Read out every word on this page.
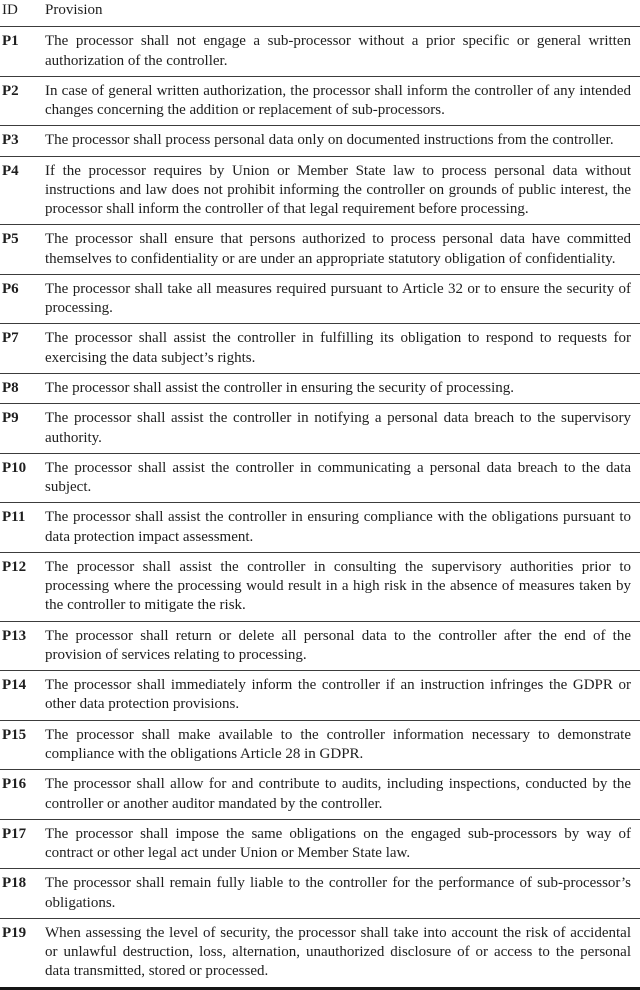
ID	Provision
P1	The processor shall not engage a sub-processor without a prior specific or general written authorization of the controller.
P2	In case of general written authorization, the processor shall inform the controller of any intended changes concerning the addition or replacement of sub-processors.
P3	The processor shall process personal data only on documented instructions from the controller.
P4	If the processor requires by Union or Member State law to process personal data without instructions and law does not prohibit informing the controller on grounds of public interest, the processor shall inform the controller of that legal requirement before processing.
P5	The processor shall ensure that persons authorized to process personal data have committed themselves to confidentiality or are under an appropriate statutory obligation of confidentiality.
P6	The processor shall take all measures required pursuant to Article 32 or to ensure the security of processing.
P7	The processor shall assist the controller in fulfilling its obligation to respond to requests for exercising the data subject’s rights.
P8	The processor shall assist the controller in ensuring the security of processing.
P9	The processor shall assist the controller in notifying a personal data breach to the supervisory authority.
P10	The processor shall assist the controller in communicating a personal data breach to the data subject.
P11	The processor shall assist the controller in ensuring compliance with the obligations pursuant to data protection impact assessment.
P12	The processor shall assist the controller in consulting the supervisory authorities prior to processing where the processing would result in a high risk in the absence of measures taken by the controller to mitigate the risk.
P13	The processor shall return or delete all personal data to the controller after the end of the provision of services relating to processing.
P14	The processor shall immediately inform the controller if an instruction infringes the GDPR or other data protection provisions.
P15	The processor shall make available to the controller information necessary to demonstrate compliance with the obligations Article 28 in GDPR.
P16	The processor shall allow for and contribute to audits, including inspections, conducted by the controller or another auditor mandated by the controller.
P17	The processor shall impose the same obligations on the engaged sub-processors by way of contract or other legal act under Union or Member State law.
P18	The processor shall remain fully liable to the controller for the performance of sub-processor’s obligations.
P19	When assessing the level of security, the processor shall take into account the risk of accidental or unlawful destruction, loss, alternation, unauthorized disclosure of or access to the personal data transmitted, stored or processed.
